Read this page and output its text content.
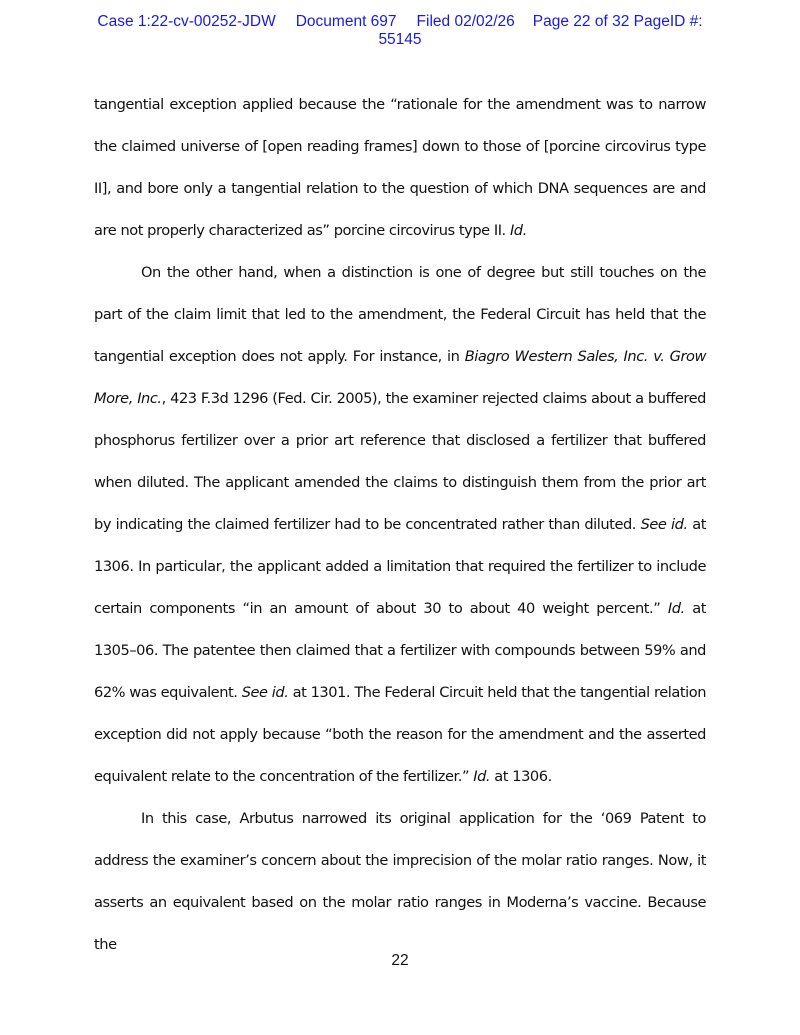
Case 1:22-cv-00252-JDW Document 697 Filed 02/02/26 Page 22 of 32 PageID #:
55145

tangential exception applied because the “rationale for the amendment was to narrow the claimed universe of [open reading frames] down to those of [porcine circovirus type II], and bore only a tangential relation to the question of which DNA sequences are and are not properly characterized as” porcine circovirus type II. Id.

On the other hand, when a distinction is one of degree but still touches on the part of the claim limit that led to the amendment, the Federal Circuit has held that the tangential exception does not apply. For instance, in Biagro Western Sales, Inc. v. Grow More, Inc., 423 F.3d 1296 (Fed. Cir. 2005), the examiner rejected claims about a buffered phosphorus fertilizer over a prior art reference that disclosed a fertilizer that buffered when diluted. The applicant amended the claims to distinguish them from the prior art by indicating the claimed fertilizer had to be concentrated rather than diluted. See id. at 1306. In particular, the applicant added a limitation that required the fertilizer to include certain components “in an amount of about 30 to about 40 weight percent.” Id. at 1305–06. The patentee then claimed that a fertilizer with compounds between 59% and 62% was equivalent. See id. at 1301. The Federal Circuit held that the tangential relation exception did not apply because “both the reason for the amendment and the asserted equivalent relate to the concentration of the fertilizer.” Id. at 1306.

In this case, Arbutus narrowed its original application for the ‘069 Patent to address the examiner’s concern about the imprecision of the molar ratio ranges. Now, it asserts an equivalent based on the molar ratio ranges in Moderna’s vaccine. Because the

22
